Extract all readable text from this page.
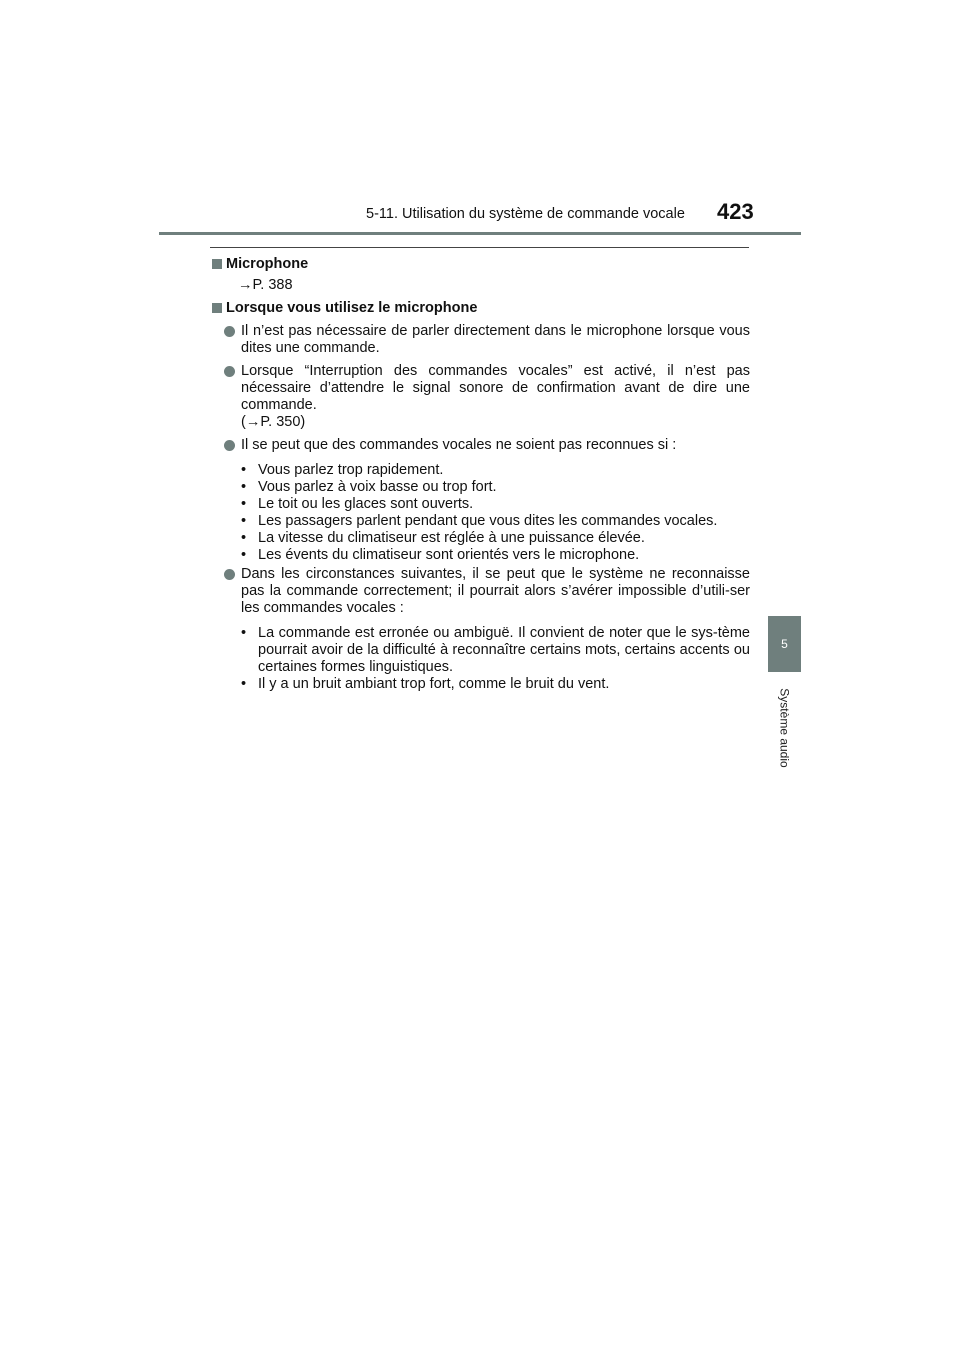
5-11. Utilisation du système de commande vocale 423
5
Système audio
Microphone
→P. 388
Lorsque vous utilisez le microphone
Il n’est pas nécessaire de parler directement dans le microphone lorsque vous dites une commande.
Lorsque “Interruption des commandes vocales” est activé, il n’est pas nécessaire d’attendre le signal sonore de confirmation avant de dire une commande.
(→P. 350)
Il se peut que des commandes vocales ne soient pas reconnues si :
• Vous parlez trop rapidement.
• Vous parlez à voix basse ou trop fort.
• Le toit ou les glaces sont ouverts.
• Les passagers parlent pendant que vous dites les commandes vocales.
• La vitesse du climatiseur est réglée à une puissance élevée.
• Les évents du climatiseur sont orientés vers le microphone.
Dans les circonstances suivantes, il se peut que le système ne reconnaisse pas la commande correctement; il pourrait alors s’avérer impossible d’utili-ser les commandes vocales :
• La commande est erronée ou ambiguë. Il convient de noter que le sys-tème pourrait avoir de la difficulté à reconnaître certains mots, certains accents ou certaines formes linguistiques.
• Il y a un bruit ambiant trop fort, comme le bruit du vent.
